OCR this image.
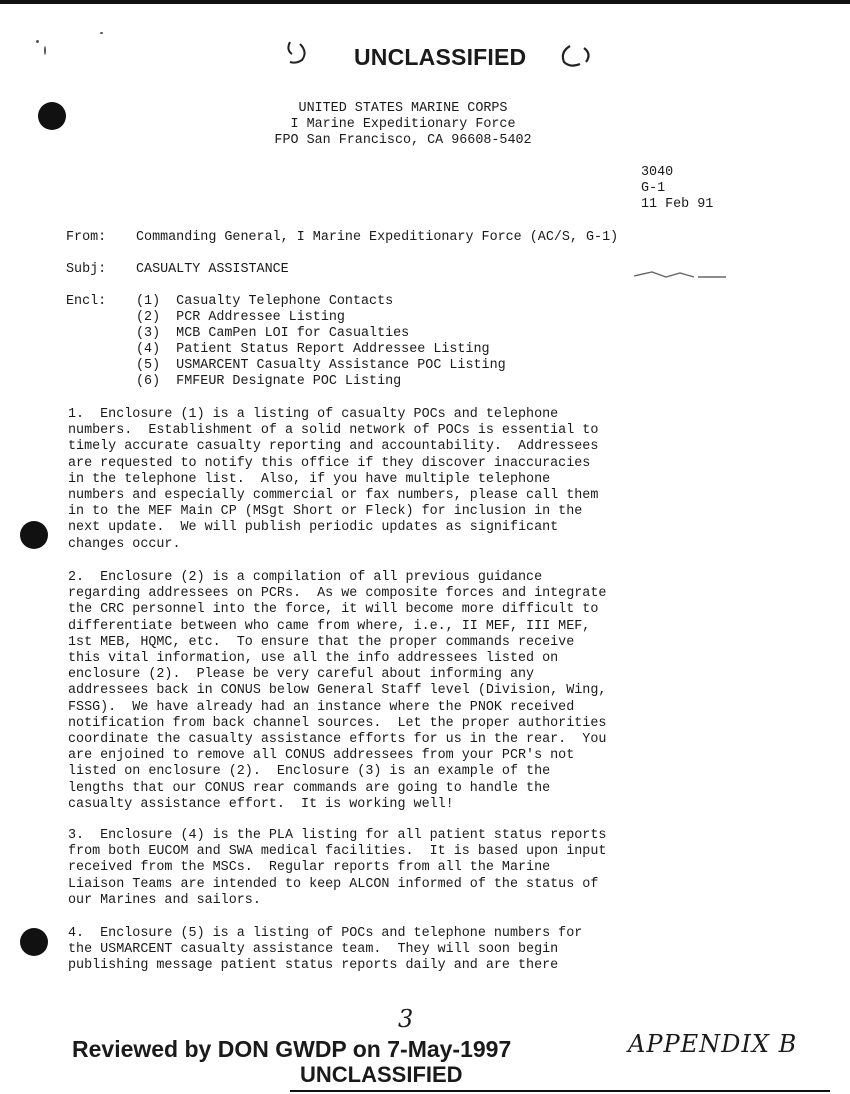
UNCLASSIFIED
UNITED STATES MARINE CORPS
I Marine Expeditionary Force
FPO San Francisco, CA 96608-5402
3040
G-1
11 Feb 91
From: Commanding General, I Marine Expeditionary Force (AC/S, G-1)
Subj: CASUALTY ASSISTANCE
Encl: (1)  Casualty Telephone Contacts
(2)  PCR Addressee Listing
(3)  MCB CamPen LOI for Casualties
(4)  Patient Status Report Addressee Listing
(5)  USMARCENT Casualty Assistance POC Listing
(6)  FMFEUR Designate POC Listing
1.  Enclosure (1) is a listing of casualty POCs and telephone
numbers.  Establishment of a solid network of POCs is essential to
timely accurate casualty reporting and accountability.  Addressees
are requested to notify this office if they discover inaccuracies
in the telephone list.  Also, if you have multiple telephone
numbers and especially commercial or fax numbers, please call them
in to the MEF Main CP (MSgt Short or Fleck) for inclusion in the
next update.  We will publish periodic updates as significant
changes occur.
2.  Enclosure (2) is a compilation of all previous guidance
regarding addressees on PCRs.  As we composite forces and integrate
the CRC personnel into the force, it will become more difficult to
differentiate between who came from where, i.e., II MEF, III MEF,
1st MEB, HQMC, etc.  To ensure that the proper commands receive
this vital information, use all the info addressees listed on
enclosure (2).  Please be very careful about informing any
addressees back in CONUS below General Staff level (Division, Wing,
FSSG).  We have already had an instance where the PNOK received
notification from back channel sources.  Let the proper authorities
coordinate the casualty assistance efforts for us in the rear.  You
are enjoined to remove all CONUS addressees from your PCR's not
listed on enclosure (2).  Enclosure (3) is an example of the
lengths that our CONUS rear commands are going to handle the
casualty assistance effort.  It is working well!
3.  Enclosure (4) is the PLA listing for all patient status reports
from both EUCOM and SWA medical facilities.  It is based upon input
received from the MSCs.  Regular reports from all the Marine
Liaison Teams are intended to keep ALCON informed of the status of
our Marines and sailors.
4.  Enclosure (5) is a listing of POCs and telephone numbers for
the USMARCENT casualty assistance team.  They will soon begin
publishing message patient status reports daily and are there
3
APPENDIX B
Reviewed by DON GWDP on 7-May-1997
UNCLASSIFIED
